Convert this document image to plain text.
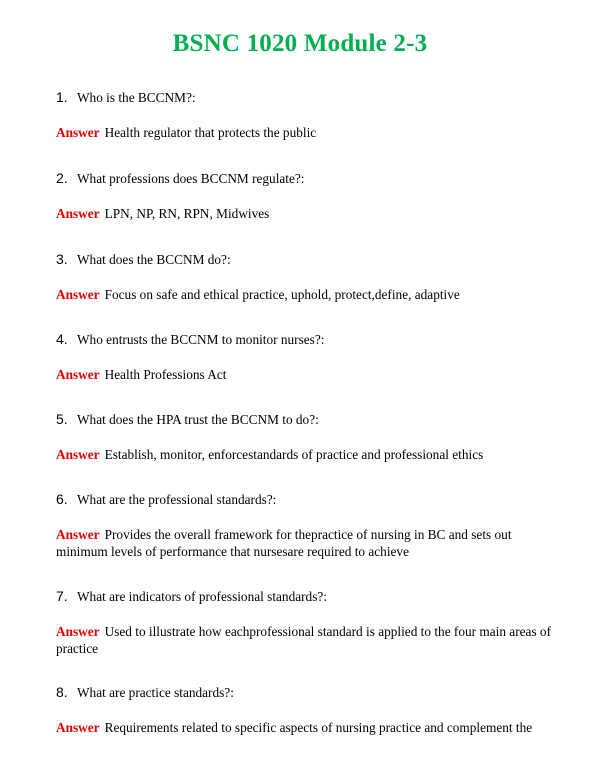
BSNC 1020 Module 2-3
1. Who is the BCCNM?:

Answer Health regulator that protects the public

2. What professions does BCCNM regulate?:

Answer LPN, NP, RN, RPN, Midwives

3. What does the BCCNM do?:

Answer Focus on safe and ethical practice, uphold, protect,define, adaptive

4. Who entrusts the BCCNM to monitor nurses?:

Answer Health Professions Act

5. What does the HPA trust the BCCNM to do?:

Answer Establish, monitor, enforcestandards of practice and professional ethics

6. What are the professional standards?:

Answer Provides the overall framework for thepractice of nursing in BC and sets out minimum levels of performance that nursesare required to achieve

7. What are indicators of professional standards?:

Answer Used to illustrate how eachprofessional standard is applied to the four main areas of practice

8. What are practice standards?:

Answer Requirements related to specific aspects of nursing practice and complement the
